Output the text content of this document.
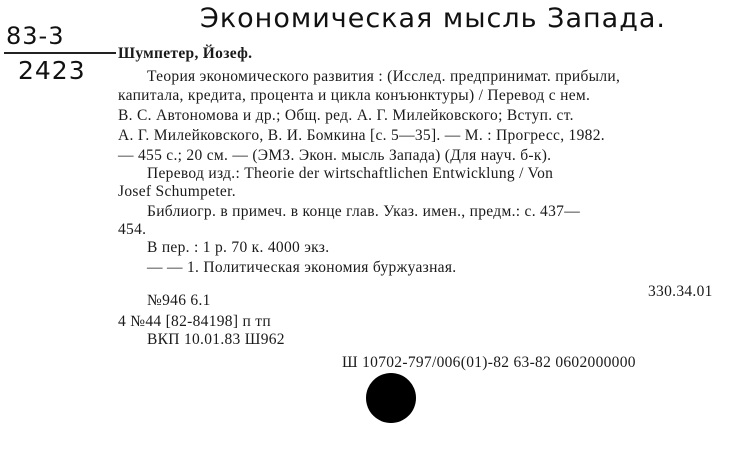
Экономическая мысль Запада.
83-3
2423
Шумпетер, Йозеф.
Теория экономического развития : (Исслед. предпринимат. прибыли,
капитала, кредита, процента и цикла конъюнктуры) / Перевод с нем.
В. С. Автономова и др.; Общ. ред. А. Г. Милейковского; Вступ. ст.
А. Г. Милейковского, В. И. Бомкина [с. 5—35]. — М. : Прогресс, 1982.
— 455 с.; 20 см. — (ЭМЗ. Экон. мысль Запада) (Для науч. б-к).
Перевод изд.: Theorie der wirtschaftlichen Entwicklung / Von
Josef Schumpeter.
Библиогр. в примеч. в конце глав. Указ. имен., предм.: с. 437—
454.
В пер. : 1 р. 70 к. 4000 экз.
— — 1. Политическая экономия буржуазная.
330.34.01
№946 6.1
4 №44 [82-84198] п тп
ВКП 10.01.83 Ш962
Ш 10702-797/006(01)-82 63-82 0602000000
